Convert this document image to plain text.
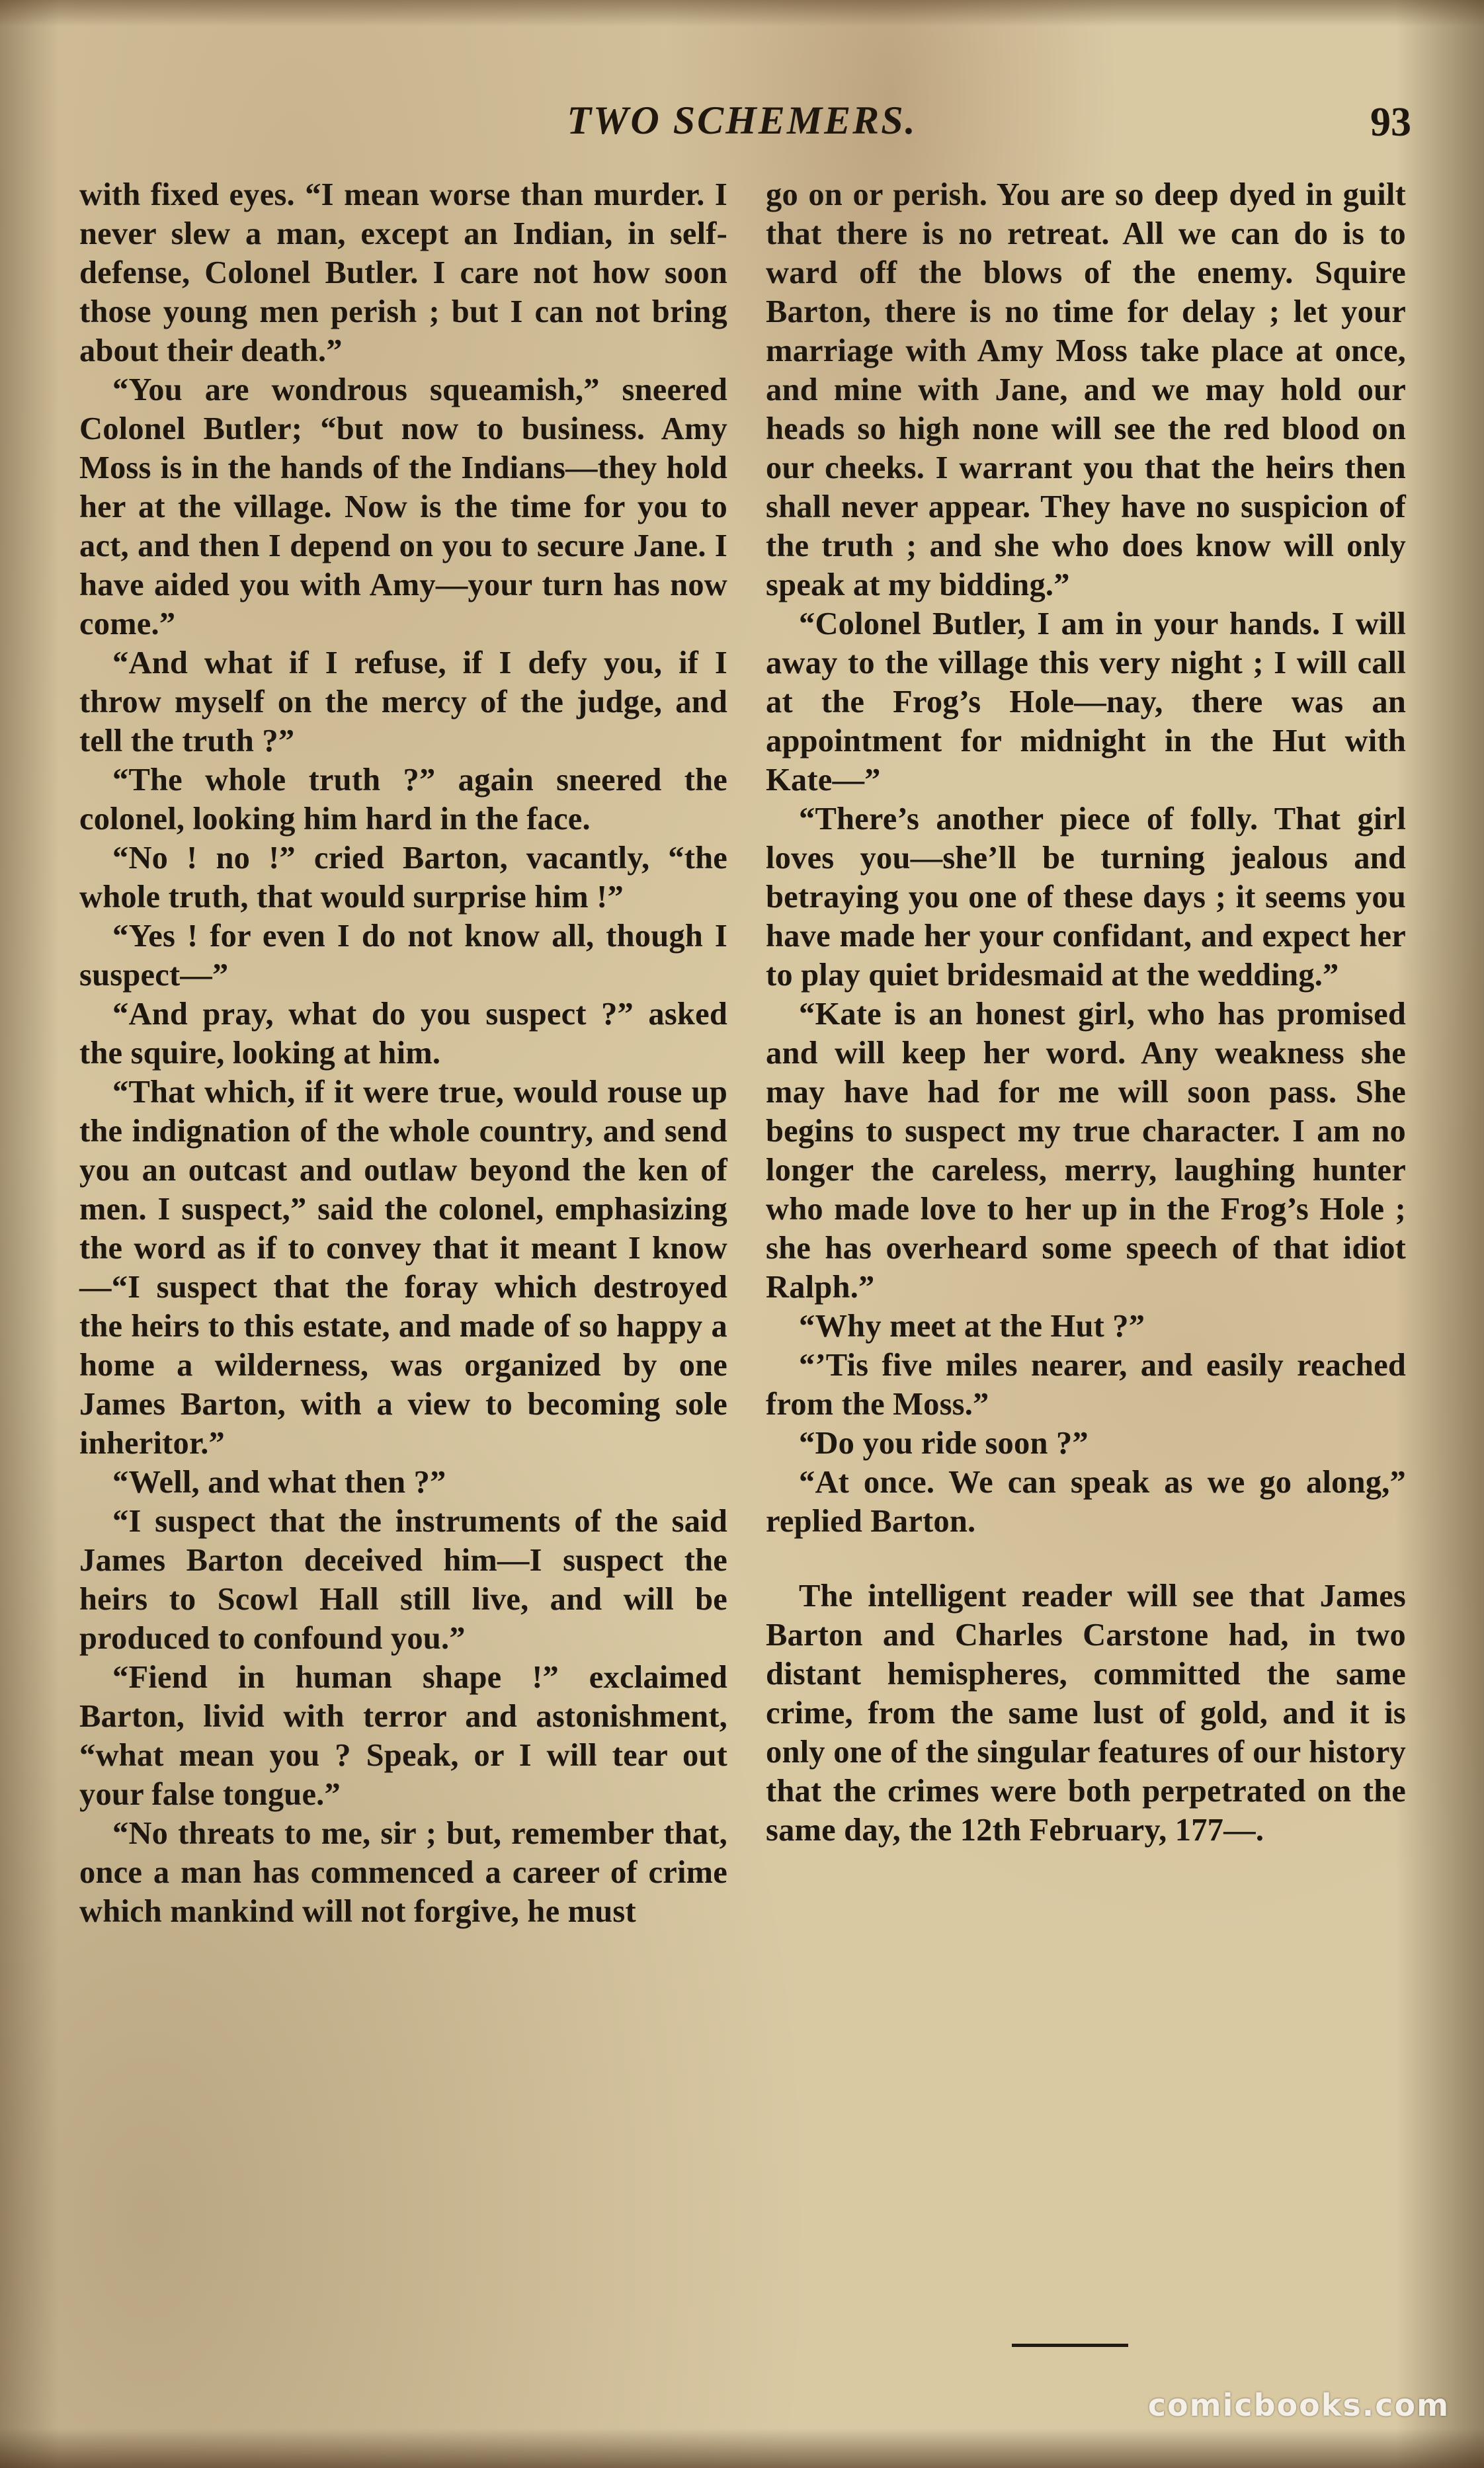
TWO SCHEMERS.	93

with fixed eyes. “I mean worse than murder. I never slew a man, except an Indian, in self-defense, Colonel Butler. I care not how soon those young men perish ; but I can not bring about their death.”

“You are wondrous squeamish,” sneered Colonel Butler; “but now to business. Amy Moss is in the hands of the Indians—they hold her at the village. Now is the time for you to act, and then I depend on you to secure Jane. I have aided you with Amy—your turn has now come.”

“And what if I refuse, if I defy you, if I throw myself on the mercy of the judge, and tell the truth ?”

“The whole truth ?” again sneered the colonel, looking him hard in the face.

“No ! no !” cried Barton, vacantly, “the whole truth, that would surprise him !”

“Yes ! for even I do not know all, though I suspect—”

“And pray, what do you suspect ?” asked the squire, looking at him.

“That which, if it were true, would rouse up the indignation of the whole country, and send you an outcast and outlaw beyond the ken of men. I suspect,” said the colonel, emphasizing the word as if to convey that it meant I know—“I suspect that the foray which destroyed the heirs to this estate, and made of so happy a home a wilderness, was organized by one James Barton, with a view to becoming sole inheritor.”

“Well, and what then ?”

“I suspect that the instruments of the said James Barton deceived him—I suspect the heirs to Scowl Hall still live, and will be produced to confound you.”

“Fiend in human shape !” exclaimed Barton, livid with terror and astonishment, “what mean you ? Speak, or I will tear out your false tongue.”

“No threats to me, sir ; but, remember that, once a man has commenced a career of crime which mankind will not forgive, he must

go on or perish. You are so deep dyed in guilt that there is no retreat. All we can do is to ward off the blows of the enemy. Squire Barton, there is no time for delay ; let your marriage with Amy Moss take place at once, and mine with Jane, and we may hold our heads so high none will see the red blood on our cheeks. I warrant you that the heirs then shall never appear. They have no suspicion of the truth ; and she who does know will only speak at my bidding.”

“Colonel Butler, I am in your hands. I will away to the village this very night ; I will call at the Frog’s Hole—nay, there was an appointment for midnight in the Hut with Kate—”

“There’s another piece of folly. That girl loves you—she’ll be turning jealous and betraying you one of these days ; it seems you have made her your confidant, and expect her to play quiet bridesmaid at the wedding.”

“Kate is an honest girl, who has promised and will keep her word. Any weakness she may have had for me will soon pass. She begins to suspect my true character. I am no longer the careless, merry, laughing hunter who made love to her up in the Frog’s Hole ; she has overheard some speech of that idiot Ralph.”

“Why meet at the Hut ?”

“’Tis five miles nearer, and easily reached from the Moss.”

“Do you ride soon ?”

“At once. We can speak as we go along,” replied Barton.

The intelligent reader will see that James Barton and Charles Carstone had, in two distant hemispheres, committed the same crime, from the same lust of gold, and it is only one of the singular features of our history that the crimes were both perpetrated on the same day, the 12th February, 177—.

comicbooks.com
